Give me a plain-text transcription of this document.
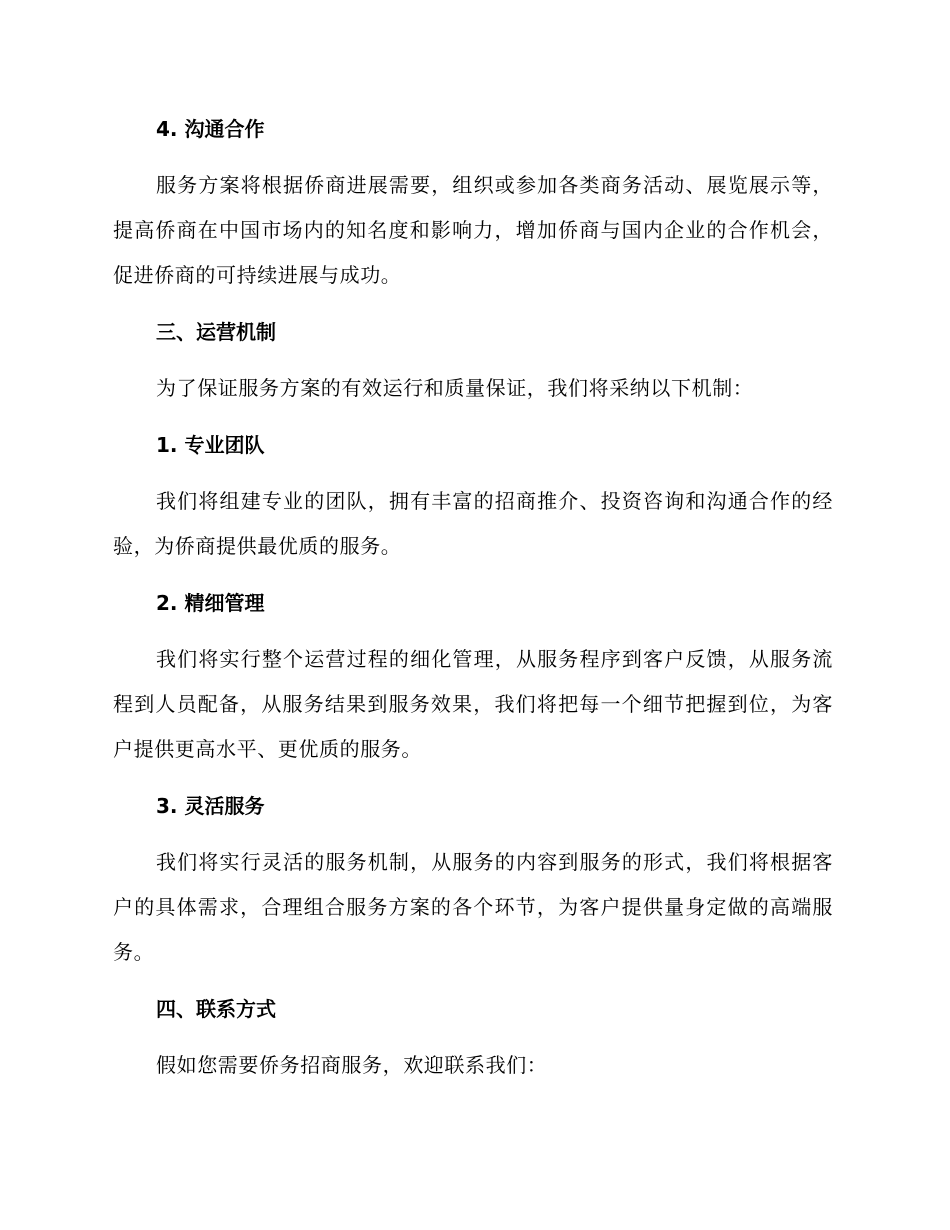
4. 沟通合作

服务方案将根据侨商进展需要，组织或参加各类商务活动、展览展示等，提高侨商在中国市场内的知名度和影响力，增加侨商与国内企业的合作机会，促进侨商的可持续进展与成功。

三、运营机制

为了保证服务方案的有效运行和质量保证，我们将采纳以下机制：

1. 专业团队

我们将组建专业的团队，拥有丰富的招商推介、投资咨询和沟通合作的经验，为侨商提供最优质的服务。

2. 精细管理

我们将实行整个运营过程的细化管理，从服务程序到客户反馈，从服务流程到人员配备，从服务结果到服务效果，我们将把每一个细节把握到位，为客户提供更高水平、更优质的服务。

3. 灵活服务

我们将实行灵活的服务机制，从服务的内容到服务的形式，我们将根据客户的具体需求，合理组合服务方案的各个环节，为客户提供量身定做的高端服务。

四、联系方式

假如您需要侨务招商服务，欢迎联系我们：
